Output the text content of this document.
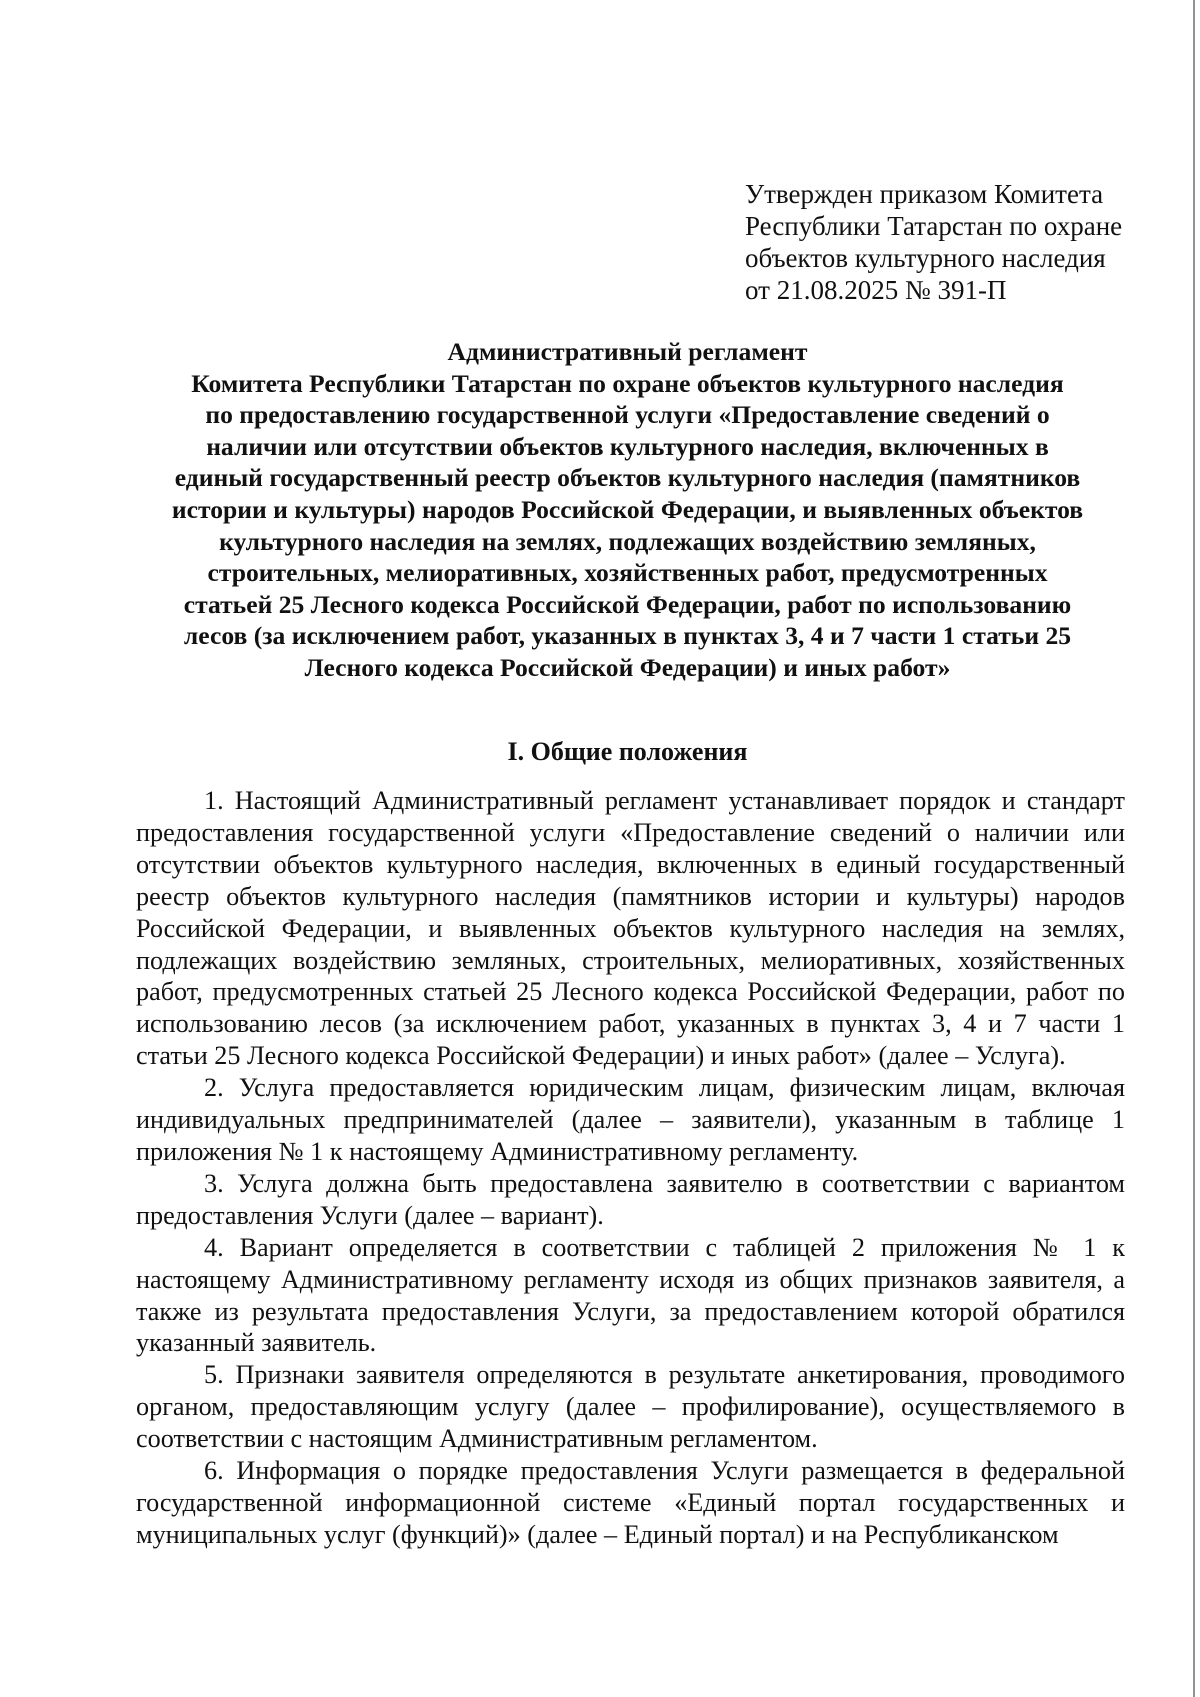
Утвержден приказом Комитета
Республики Татарстан по охране
объектов культурного наследия
от 21.08.2025 № 391-П
Административный регламент
Комитета Республики Татарстан по охране объектов культурного наследия
по предоставлению государственной услуги «Предоставление сведений о
наличии или отсутствии объектов культурного наследия, включенных в
единый государственный реестр объектов культурного наследия (памятников
истории и культуры) народов Российской Федерации, и выявленных объектов
культурного наследия на землях, подлежащих воздействию земляных,
строительных, мелиоративных, хозяйственных работ, предусмотренных
статьей 25 Лесного кодекса Российской Федерации, работ по использованию
лесов (за исключением работ, указанных в пунктах 3, 4 и 7 части 1 статьи 25
Лесного кодекса Российской Федерации) и иных работ»
I. Общие положения

1. Настоящий Административный регламент устанавливает порядок и стандарт предоставления государственной услуги «Предоставление сведений о наличии или отсутствии объектов культурного наследия, включенных в единый государственный реестр объектов культурного наследия (памятников истории и культуры) народов Российской Федерации, и выявленных объектов культурного наследия на землях, подлежащих воздействию земляных, строительных, мелиоративных, хозяйственных работ, предусмотренных статьей 25 Лесного кодекса Российской Федерации, работ по использованию лесов (за исключением работ, указанных в пунктах 3, 4 и 7 части 1 статьи 25 Лесного кодекса Российской Федерации) и иных работ» (далее – Услуга).

2. Услуга предоставляется юридическим лицам, физическим лицам, включая индивидуальных предпринимателей (далее – заявители), указанным в таблице 1 приложения № 1 к настоящему Административному регламенту.

3. Услуга должна быть предоставлена заявителю в соответствии с вариантом предоставления Услуги (далее – вариант).

4. Вариант определяется в соответствии с таблицей 2 приложения № 1 к настоящему Административному регламенту исходя из общих признаков заявителя, а также из результата предоставления Услуги, за предоставлением которой обратился указанный заявитель.

5. Признаки заявителя определяются в результате анкетирования, проводимого органом, предоставляющим услугу (далее – профилирование), осуществляемого в соответствии с настоящим Административным регламентом.

6. Информация о порядке предоставления Услуги размещается в федеральной государственной информационной системе «Единый портал государственных и муниципальных услуг (функций)» (далее – Единый портал) и на Республиканском
